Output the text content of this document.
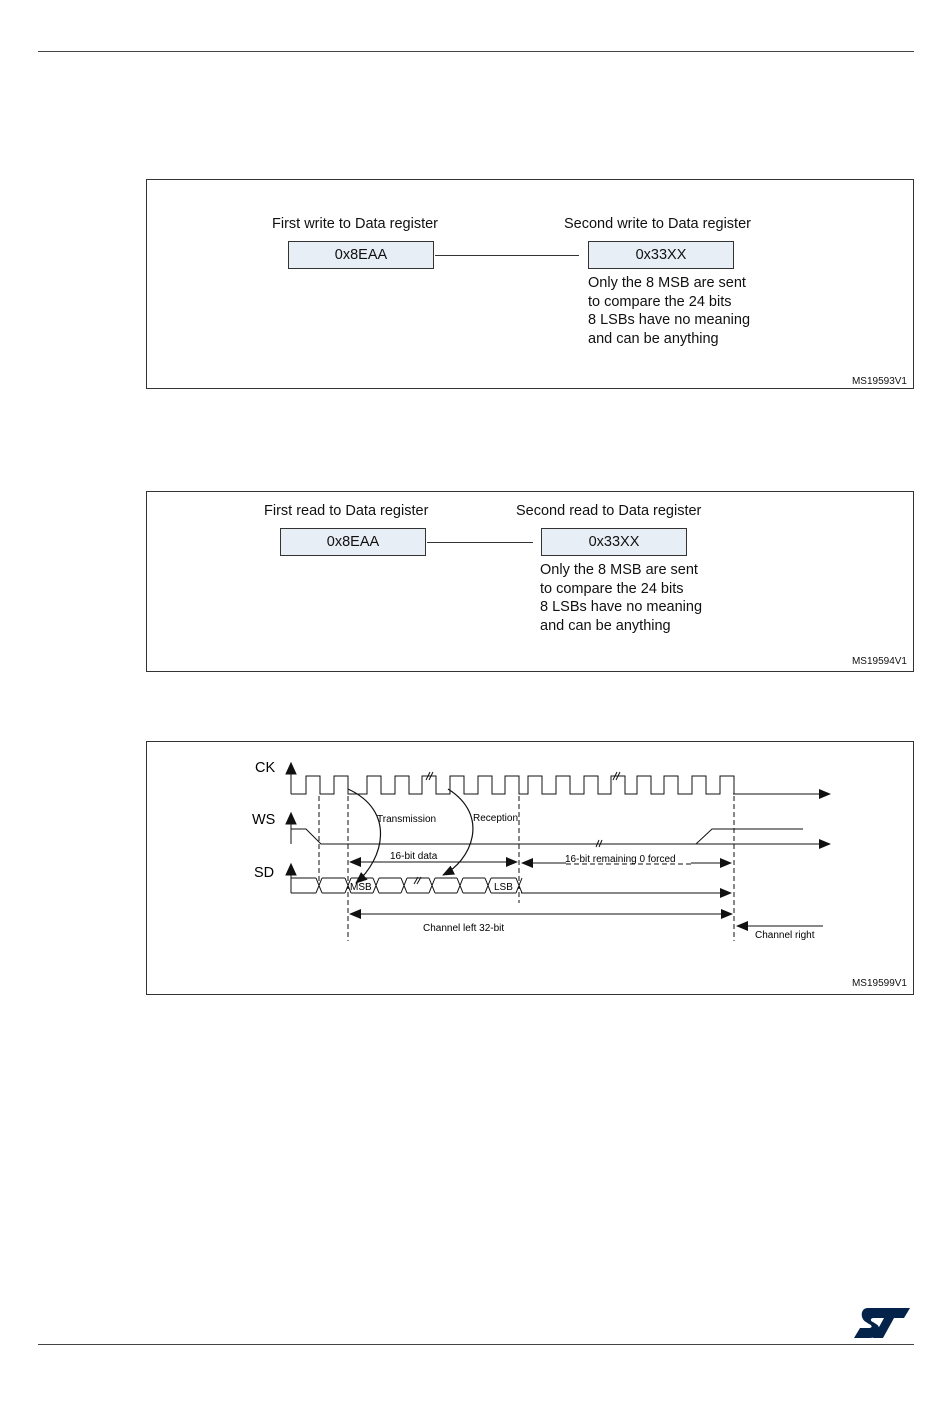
First write to Data register
0x8EAA
Second write to Data register
0x33XX
Only the 8 MSB are sent
to compare the 24 bits
8 LSBs have no meaning
and can be anything
MS19593V1
First read to Data register
0x8EAA
Second read to Data register
0x33XX
Only the 8 MSB are sent
to compare the 24 bits
8 LSBs have no meaning
and can be anything
MS19594V1
CK
WS
SD
MSB	LSB
Transmission	Reception
16-bit data	16-bit remaining 0 forced
Channel left 32-bit
Channel right
MS19599V1
